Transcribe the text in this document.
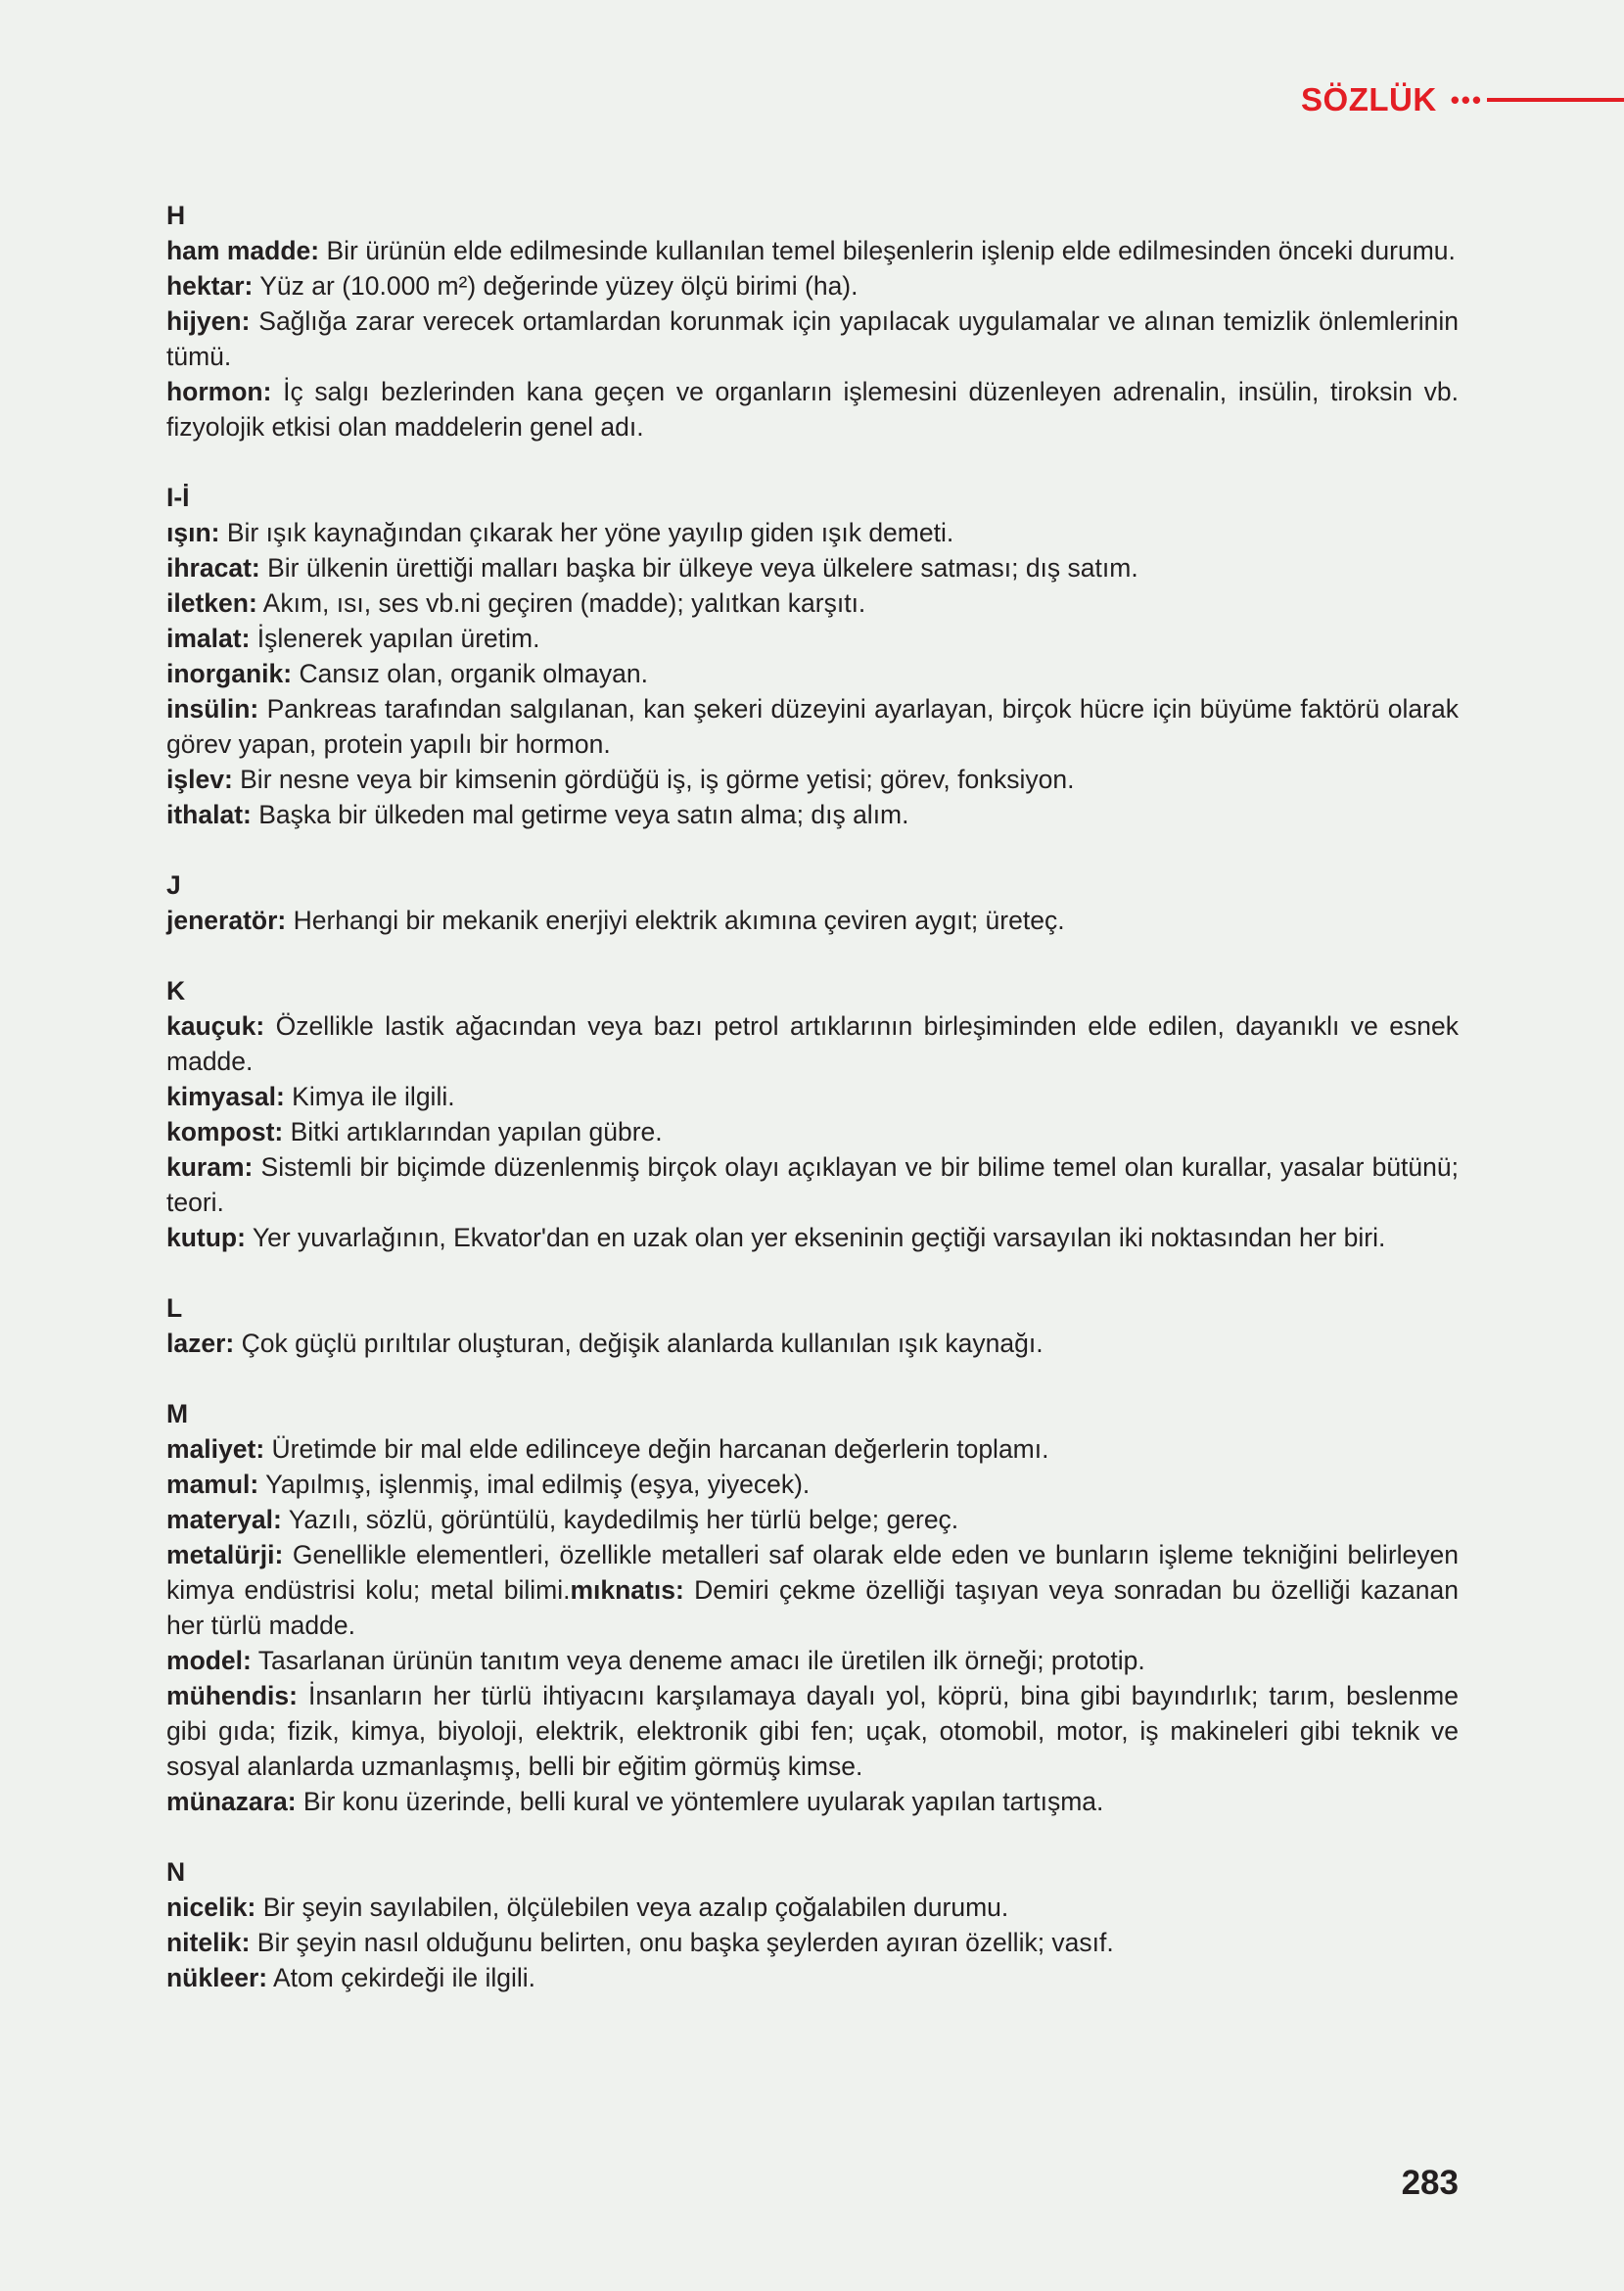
SÖZLÜK •••
H
ham madde: Bir ürünün elde edilmesinde kullanılan temel bileşenlerin işlenip elde edilmesinden önceki durumu.
hektar: Yüz ar (10.000 m²) değerinde yüzey ölçü birimi (ha).
hijyen: Sağlığa zarar verecek ortamlardan korunmak için yapılacak uygulamalar ve alınan temizlik önlemlerinin tümü.
hormon: İç salgı bezlerinden kana geçen ve organların işlemesini düzenleyen adrenalin, insülin, tiroksin vb. fizyolojik etkisi olan maddelerin genel adı.
I-İ
ışın: Bir ışık kaynağından çıkarak her yöne yayılıp giden ışık demeti.
ihracat: Bir ülkenin ürettiği malları başka bir ülkeye veya ülkelere satması; dış satım.
iletken: Akım, ısı, ses vb.ni geçiren (madde); yalıtkan karşıtı.
imalat: İşlenerek yapılan üretim.
inorganik: Cansız olan, organik olmayan.
insülin: Pankreas tarafından salgılanan, kan şekeri düzeyini ayarlayan, birçok hücre için büyüme faktörü olarak görev yapan, protein yapılı bir hormon.
işlev: Bir nesne veya bir kimsenin gördüğü iş, iş görme yetisi; görev, fonksiyon.
ithalat: Başka bir ülkeden mal getirme veya satın alma; dış alım.
J
jeneratör: Herhangi bir mekanik enerjiyi elektrik akımına çeviren aygıt; üreteç.
K
kauçuk: Özellikle lastik ağacından veya bazı petrol artıklarının birleşiminden elde edilen, dayanıklı ve esnek madde.
kimyasal: Kimya ile ilgili.
kompost: Bitki artıklarından yapılan gübre.
kuram: Sistemli bir biçimde düzenlenmiş birçok olayı açıklayan ve bir bilime temel olan kurallar, yasalar bütünü; teori.
kutup: Yer yuvarlağının, Ekvator'dan en uzak olan yer ekseninin geçtiği varsayılan iki noktasından her biri.
L
lazer: Çok güçlü pırıltılar oluşturan, değişik alanlarda kullanılan ışık kaynağı.
M
maliyet: Üretimde bir mal elde edilinceye değin harcanan değerlerin toplamı.
mamul: Yapılmış, işlenmiş, imal edilmiş (eşya, yiyecek).
materyal: Yazılı, sözlü, görüntülü, kaydedilmiş her türlü belge; gereç.
metalürji: Genellikle elementleri, özellikle metalleri saf olarak elde eden ve bunların işleme tekniğini belirleyen kimya endüstrisi kolu; metal bilimi.mıknatıs: Demiri çekme özelliği taşıyan veya sonradan bu özelliği kazanan her türlü madde.
model: Tasarlanan ürünün tanıtım veya deneme amacı ile üretilen ilk örneği; prototip.
mühendis: İnsanların her türlü ihtiyacını karşılamaya dayalı yol, köprü, bina gibi bayındırlık; tarım, beslenme gibi gıda; fizik, kimya, biyoloji, elektrik, elektronik gibi fen; uçak, otomobil, motor, iş makineleri gibi teknik ve sosyal alanlarda uzmanlaşmış, belli bir eğitim görmüş kimse.
münazara: Bir konu üzerinde, belli kural ve yöntemlere uyularak yapılan tartışma.
N
nicelik: Bir şeyin sayılabilen, ölçülebilen veya azalıp çoğalabilen durumu.
nitelik: Bir şeyin nasıl olduğunu belirten, onu başka şeylerden ayıran özellik; vasıf.
nükleer: Atom çekirdeği ile ilgili.
283
